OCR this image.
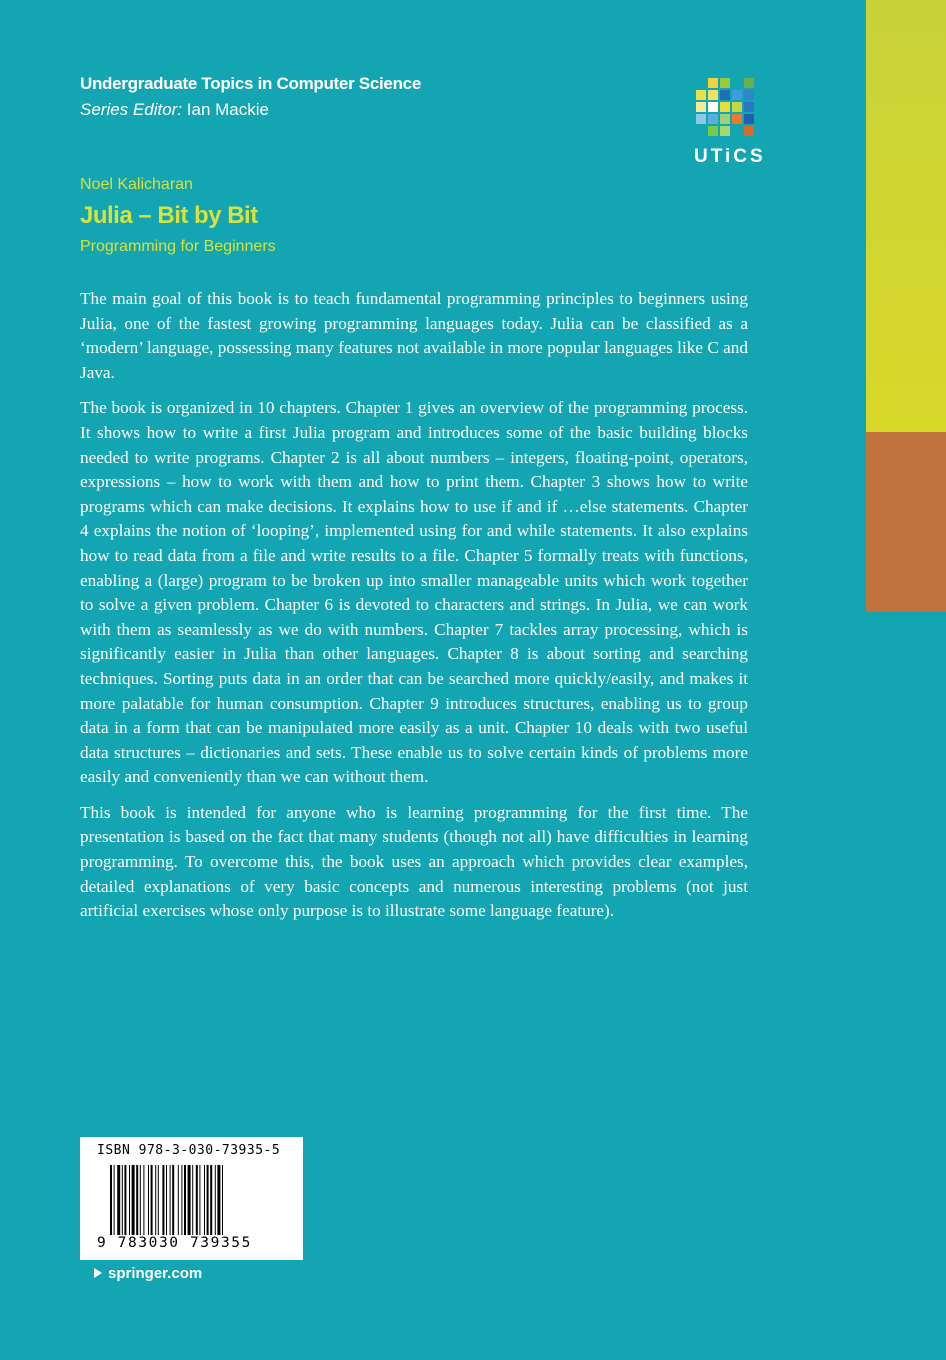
Undergraduate Topics in Computer Science
Series Editor: Ian Mackie
UTiCS
Noel Kalicharan
Julia – Bit by Bit
Programming for Beginners

The main goal of this book is to teach fundamental programming principles to beginners using Julia, one of the fastest growing programming languages today. Julia can be classified as a ‘modern’ language, possessing many features not available in more popular languages like C and Java.

The book is organized in 10 chapters. Chapter 1 gives an overview of the programming process. It shows how to write a first Julia program and introduces some of the basic building blocks needed to write programs. Chapter 2 is all about numbers – integers, floating-point, operators, expressions – how to work with them and how to print them. Chapter 3 shows how to write programs which can make decisions. It explains how to use if and if …else statements. Chapter 4 explains the notion of ‘looping’, implemented using for and while statements. It also explains how to read data from a file and write results to a file. Chapter 5 formally treats with functions, enabling a (large) program to be broken up into smaller manageable units which work together to solve a given problem. Chapter 6 is devoted to characters and strings. In Julia, we can work with them as seamlessly as we do with numbers. Chapter 7 tackles array processing, which is significantly easier in Julia than other languages. Chapter 8 is about sorting and searching techniques. Sorting puts data in an order that can be searched more quickly/easily, and makes it more palatable for human consumption. Chapter 9 introduces structures, enabling us to group data in a form that can be manipulated more easily as a unit. Chapter 10 deals with two useful data structures – dictionaries and sets. These enable us to solve certain kinds of problems more easily and conveniently than we can without them.

This book is intended for anyone who is learning programming for the first time. The presentation is based on the fact that many students (though not all) have difficulties in learning programming. To overcome this, the book uses an approach which provides clear examples, detailed explanations of very basic concepts and numerous interesting problems (not just artificial exercises whose only purpose is to illustrate some language feature).

ISBN 978-3-030-73935-5
9 783030 739355
springer.com
